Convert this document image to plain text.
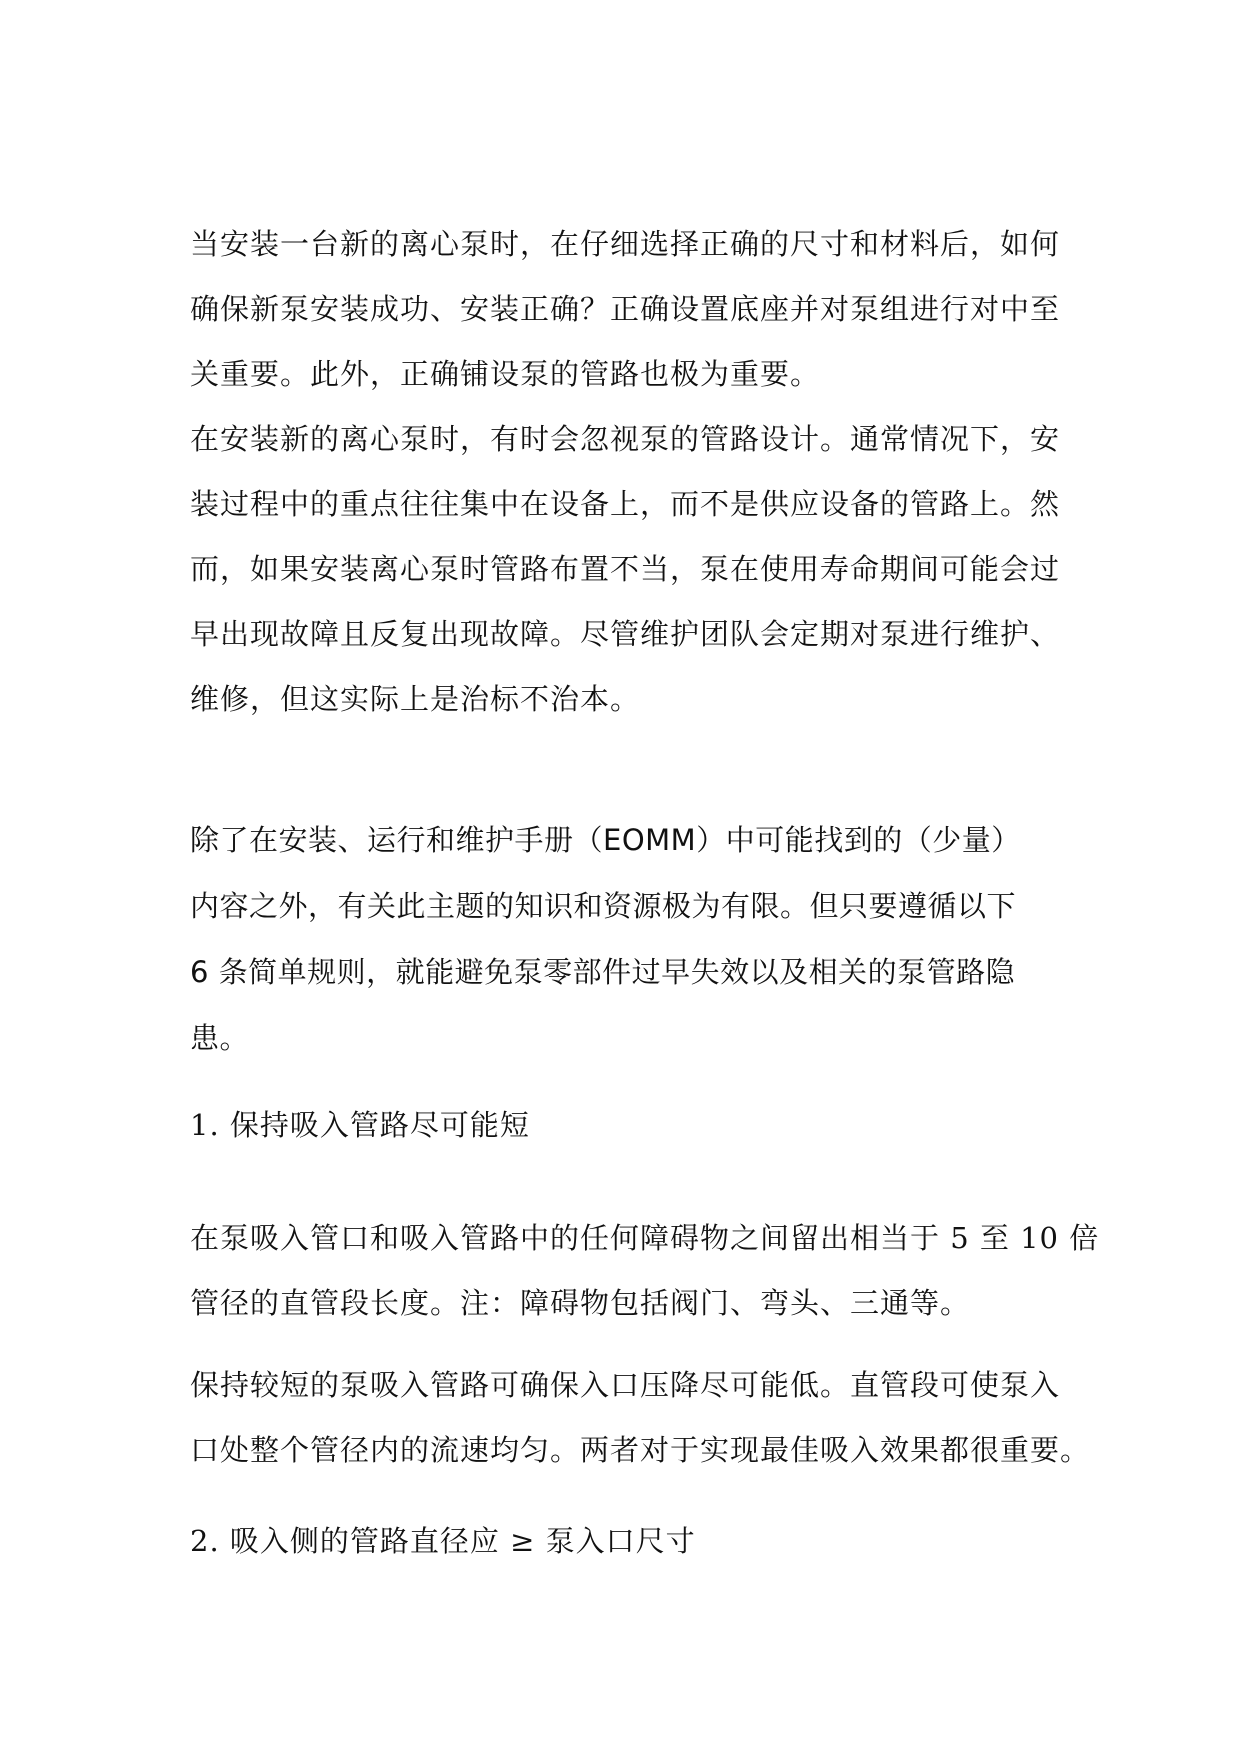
当安装一台新的离心泵时，在仔细选择正确的尺寸和材料后，如何
确保新泵安装成功、安装正确？正确设置底座并对泵组进行对中至
关重要。此外，正确铺设泵的管路也极为重要。

在安装新的离心泵时，有时会忽视泵的管路设计。通常情况下，安
装过程中的重点往往集中在设备上，而不是供应设备的管路上。然
而，如果安装离心泵时管路布置不当，泵在使用寿命期间可能会过
早出现故障且反复出现故障。尽管维护团队会定期对泵进行维护、
维修，但这实际上是治标不治本。

除了在安装、运行和维护手册（EOMM）中可能找到的（少量）
内容之外，有关此主题的知识和资源极为有限。但只要遵循以下
6 条简单规则，就能避免泵零部件过早失效以及相关的泵管路隐
患。

1. 保持吸入管路尽可能短

在泵吸入管口和吸入管路中的任何障碍物之间留出相当于 5 至 10 倍
管径的直管段长度。注：障碍物包括阀门、弯头、三通等。

保持较短的泵吸入管路可确保入口压降尽可能低。直管段可使泵入
口处整个管径内的流速均匀。两者对于实现最佳吸入效果都很重要。

2. 吸入侧的管路直径应 ≥ 泵入口尺寸
